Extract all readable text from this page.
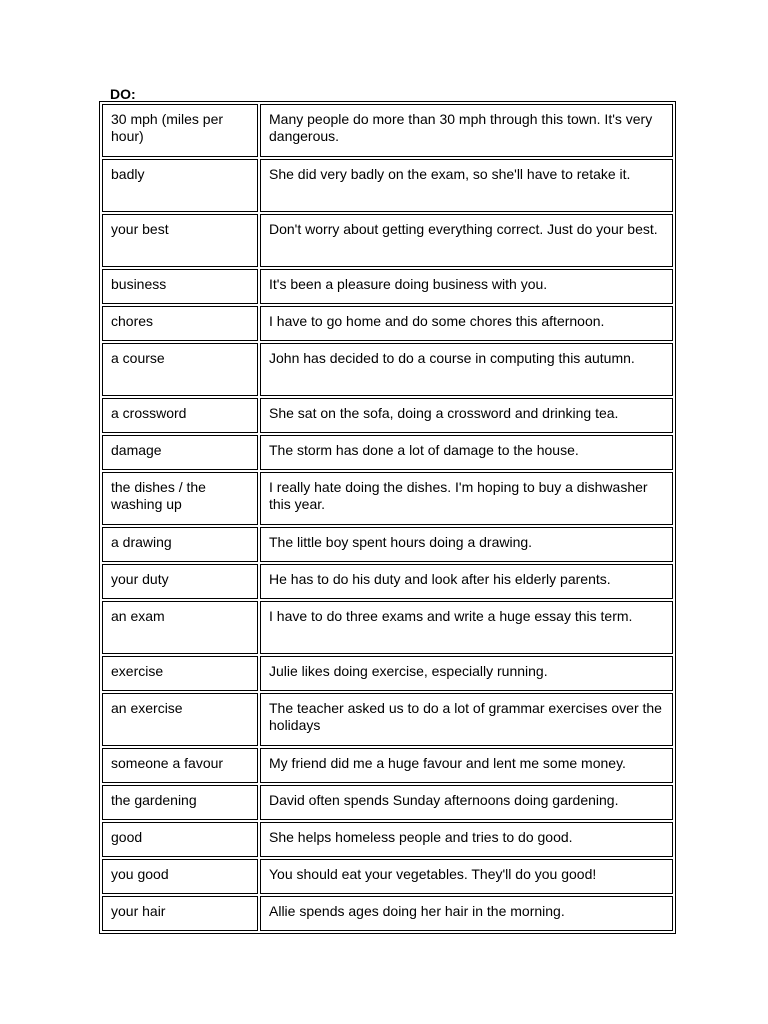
DO:
30 mph (miles per hour)	Many people do more than 30 mph through this town. It's very dangerous.
badly	She did very badly on the exam, so she'll have to retake it.
your best	Don't worry about getting everything correct. Just do your best.
business	It's been a pleasure doing business with you.
chores	I have to go home and do some chores this afternoon.
a course	John has decided to do a course in computing this autumn.
a crossword	She sat on the sofa, doing a crossword and drinking tea.
damage	The storm has done a lot of damage to the house.
the dishes / the washing up	I really hate doing the dishes. I'm hoping to buy a dishwasher this year.
a drawing	The little boy spent hours doing a drawing.
your duty	He has to do his duty and look after his elderly parents.
an exam	I have to do three exams and write a huge essay this term.
exercise	Julie likes doing exercise, especially running.
an exercise	The teacher asked us to do a lot of grammar exercises over the holidays
someone a favour	My friend did me a huge favour and lent me some money.
the gardening	David often spends Sunday afternoons doing gardening.
good	She helps homeless people and tries to do good.
you good	You should eat your vegetables. They'll do you good!
your hair	Allie spends ages doing her hair in the morning.
